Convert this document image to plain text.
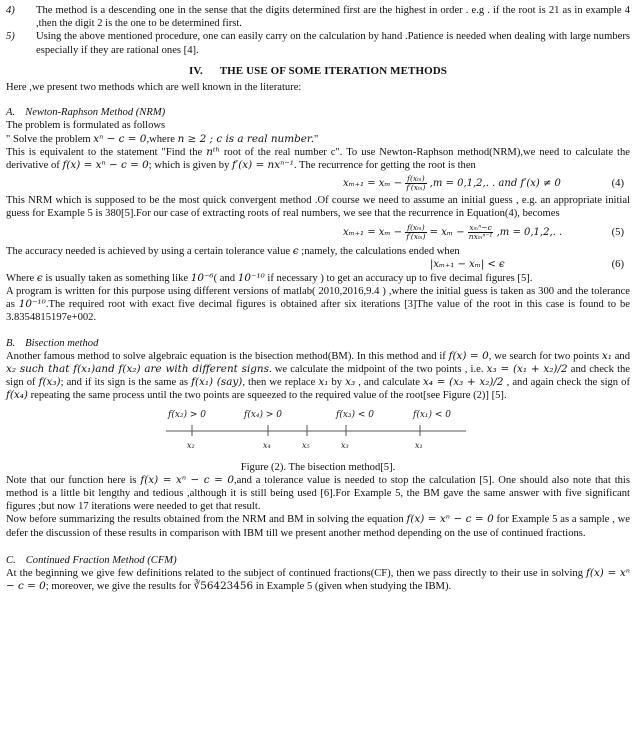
4) The method is a descending one in the sense that the digits determined first are the highest in order . e.g . if the root is 21 as in example 4 ,then the digit 2 is the one to be determined first.

5) Using the above mentioned procedure, one can easily carry on the calculation by hand .Patience is needed when dealing with large numbers especially if they are rational ones [4].

IV.      THE USE OF SOME ITERATION METHODS

Here ,we present two methods which are well known in the literature:

A. Newton-Raphson Method (NRM)

The problem is formulated as follows

" Solve the problem xⁿ − c = 0,where n ≥ 2 ; c is a real number."

This is equivalent to the statement "Find the nᵗʰ root of the real number c". To use Newton-Raphson method(NRM),we need to calculate the derivative of f(x) = xⁿ − c = 0; which is given by f′(x) = nxⁿ⁻¹. The recurrence for getting the root is then

$x_{m+1} = x_m - \frac{\text{f(xₘ)}}{\text{f′(xₘ)}} ,m = 0,1,2$,. . and f′(x) ≠ 0	(4)

This NRM which is supposed to be the most quick convergent method .Of course we need to assume an initial guess , e.g. an appropriate initial guess for Example 5 is 380[5].For our case of extracting roots of real numbers, we see that the recurrence in Equation(4), becomes

$x_{m+1} = x_m - \frac{\text{f(xₘ)}}{\text{f′(xₘ)}} = x_m - \frac{\text{xₘⁿ−c}}{\text{nxₘⁿ⁻¹}} ,m = 0,1,2$,. .	(5)

The accuracy needed is achieved by using a certain tolerance value ϵ ;namely, the calculations ended when

|xₘ₊₁ − xₘ| < ϵ	(6)

Where ϵ is usually taken as something like 10⁻⁶( and 10⁻¹⁰ if necessary ) to get an accuracy up to five decimal figures [5].

A program is written for this purpose using different versions of matlab( 2010,2016,9.4 ) ,where the initial guess is taken as 300 and the tolerance as 10⁻¹⁰.The required root with exact five decimal figures is obtained after six iterations [3]The value of the root in this case is found to be 3.8354815197e+002.

B. Bisection method

Another famous method to solve algebraic equation is the bisection method(BM). In this method and if f(x) = 0, we search for two points x₁ and x₂ such that f(x₁)and f(x₂) are with different signs. we calculate the midpoint of the two points , i.e. x₃ = (x₁ + x₂)/2 and check the sign of f(x₃); and if its sign is the same as f(x₁) (say), then we replace x₁ by x₃ , and calculate x₄ = (x₃ + x₂)/2 , and again check the sign of f(x₄) repeating the same process until the two points are squeezed to the required value of the root[see Figure (2)] [5].

f(x₂) > 0	f(x₄) > 0	f(x₃) < 0	f(x₁) < 0
x₂	x₄	x₅	x₃	x₁

Figure (2). The bisection method[5].

Note that our function here is f(x) = xⁿ − c = 0,and a tolerance value is needed to stop the calculation [5]. One should also note that this method is a little bit lengthy and tedious ,although it is still being used [6].For Example 5, the BM gave the same answer with five significant figures ;but now 17 iterations were needed to get that result.

Now before summarizing the results obtained from the NRM and BM in solving the equation f(x) = xⁿ − c = 0 for Example 5 as a sample , we defer the discussion of these results in comparison with IBM till we present another method depending on the use of continued fractions.

C. Continued Fraction Method (CFM)

At the beginning we give few definitions related to the subject of continued fractions(CF), then we pass directly to their use in solving f(x) = xⁿ − c = 0; moreover, we give the results for ∛56423456 in Example 5 (given when studying the IBM).
